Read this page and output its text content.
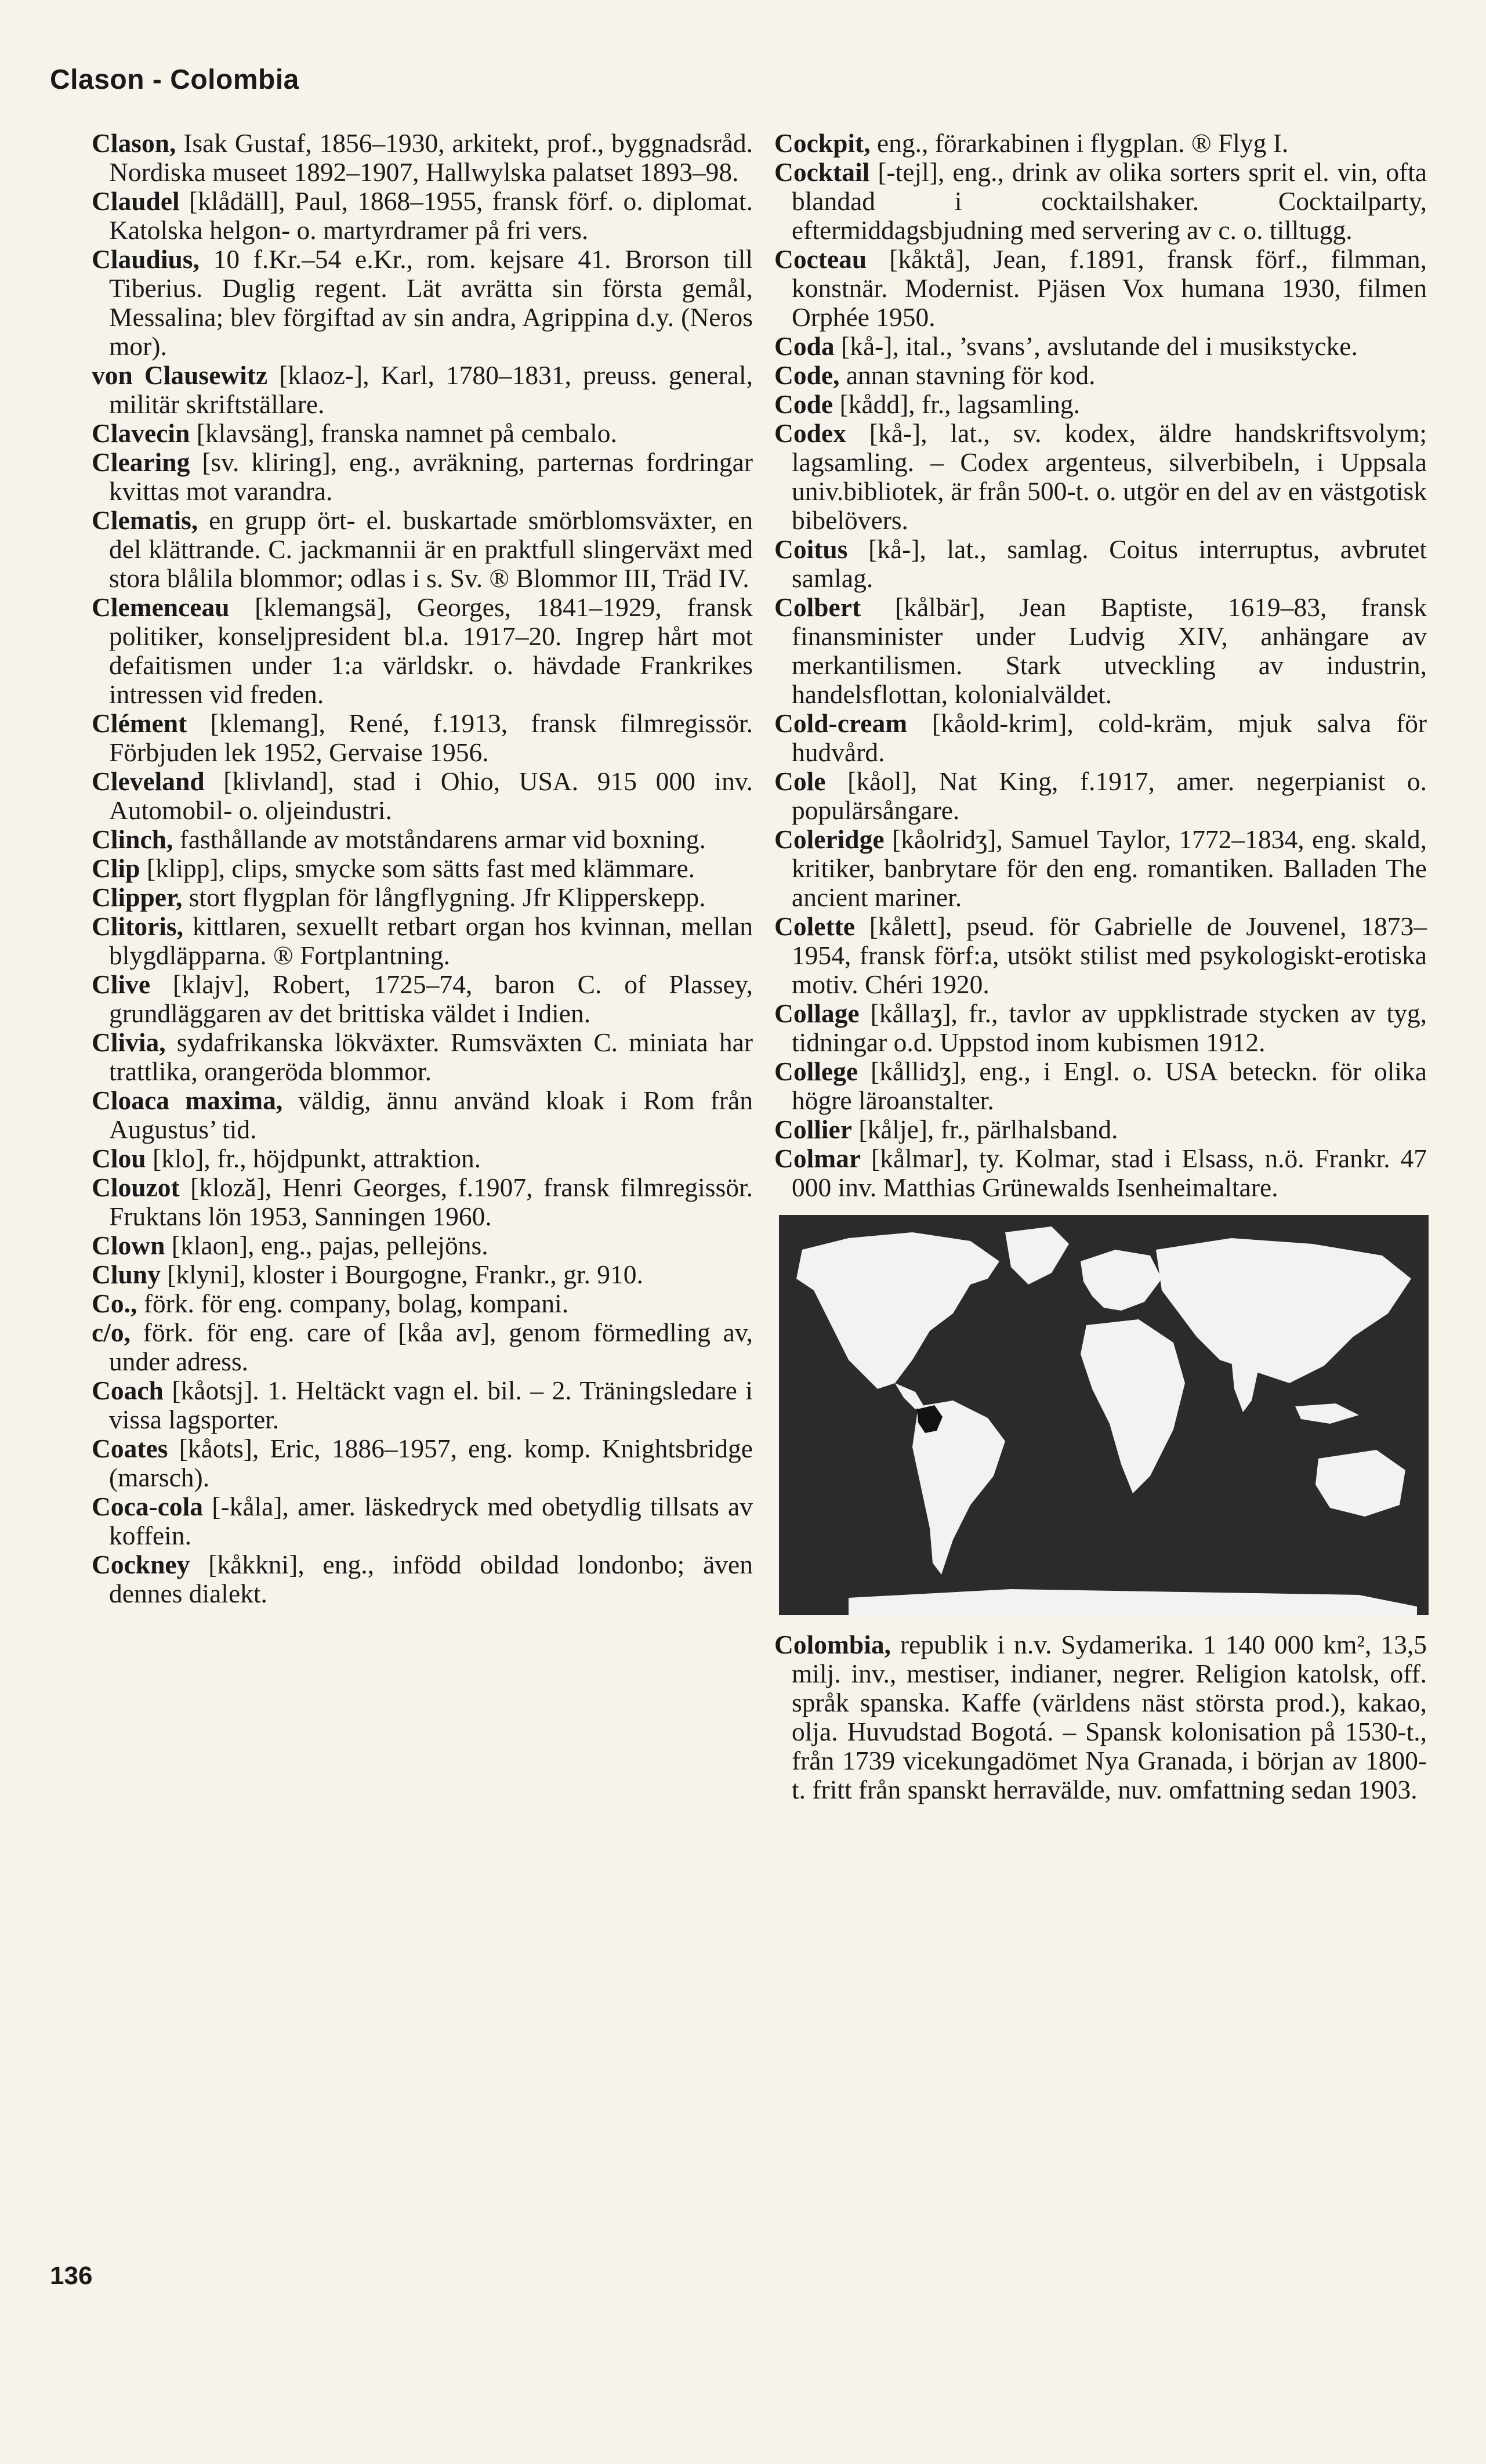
Clason - Colombia

Clason, Isak Gustaf, 1856–1930, arkitekt, prof., byggnadsråd. Nordiska museet 1892–1907, Hallwylska palatset 1893–98.

Claudel [klådäll], Paul, 1868–1955, fransk förf. o. diplomat. Katolska helgon- o. martyrdramer på fri vers.

Claudius, 10 f.Kr.–54 e.Kr., rom. kejsare 41. Brorson till Tiberius. Duglig regent. Lät avrätta sin första gemål, Messalina; blev förgiftad av sin andra, Agrippina d.y. (Neros mor).

von Clausewitz [klaoz-], Karl, 1780–1831, preuss. general, militär skriftställare.

Clavecin [klavsäng], franska namnet på cembalo.

Clearing [sv. kliring], eng., avräkning, parternas fordringar kvittas mot varandra.

Clematis, en grupp ört- el. buskartade smörblomsväxter, en del klättrande. C. jackmannii är en praktfull slingerväxt med stora blålila blommor; odlas i s. Sv. ® Blommor III, Träd IV.

Clemenceau [klemangsä], Georges, 1841–1929, fransk politiker, konseljpresident bl.a. 1917–20. Ingrep hårt mot defaitismen under 1:a världskr. o. hävdade Frankrikes intressen vid freden.

Clément [klemang], René, f.1913, fransk filmregissör. Förbjuden lek 1952, Gervaise 1956.

Cleveland [klivland], stad i Ohio, USA. 915 000 inv. Automobil- o. oljeindustri.

Clinch, fasthållande av motståndarens armar vid boxning.

Clip [klipp], clips, smycke som sätts fast med klämmare.

Clipper, stort flygplan för långflygning. Jfr Klipperskepp.

Clitoris, kittlaren, sexuellt retbart organ hos kvinnan, mellan blygdläpparna. ® Fortplantning.

Clive [klajv], Robert, 1725–74, baron C. of Plassey, grundläggaren av det brittiska väldet i Indien.

Clivia, sydafrikanska lökväxter. Rumsväxten C. miniata har trattlika, orangeröda blommor.

Cloaca maxima, väldig, ännu använd kloak i Rom från Augustus’ tid.

Clou [klo], fr., höjdpunkt, attraktion.

Clouzot [kloză], Henri Georges, f.1907, fransk filmregissör. Fruktans lön 1953, Sanningen 1960.

Clown [klaon], eng., pajas, pellejöns.

Cluny [klyni], kloster i Bourgogne, Frankr., gr. 910.

Co., förk. för eng. company, bolag, kompani.

c/o, förk. för eng. care of [kåa av], genom förmedling av, under adress.

Coach [kåotsj]. 1. Heltäckt vagn el. bil. – 2. Träningsledare i vissa lagsporter.

Coates [kåots], Eric, 1886–1957, eng. komp. Knightsbridge (marsch).

Coca-cola [-kåla], amer. läskedryck med obetydlig tillsats av koffein.

Cockney [kåkkni], eng., infödd obildad londonbo; även dennes dialekt.

Cockpit, eng., förarkabinen i flygplan. ® Flyg I.

Cocktail [-tejl], eng., drink av olika sorters sprit el. vin, ofta blandad i cocktailshaker. Cocktailparty, eftermiddagsbjudning med servering av c. o. tilltugg.

Cocteau [kåktå], Jean, f.1891, fransk förf., filmman, konstnär. Modernist. Pjäsen Vox humana 1930, filmen Orphée 1950.

Coda [kå-], ital., ’svans’, avslutande del i musikstycke.

Code, annan stavning för kod.

Code [kådd], fr., lagsamling.

Codex [kå-], lat., sv. kodex, äldre handskriftsvolym; lagsamling. – Codex argenteus, silverbibeln, i Uppsala univ.bibliotek, är från 500-t. o. utgör en del av en västgotisk bibelövers.

Coitus [kå-], lat., samlag. Coitus interruptus, avbrutet samlag.

Colbert [kålbär], Jean Baptiste, 1619–83, fransk finansminister under Ludvig XIV, anhängare av merkantilismen. Stark utveckling av industrin, handelsflottan, kolonialväldet.

Cold-cream [kåold-krim], cold-kräm, mjuk salva för hudvård.

Cole [kåol], Nat King, f.1917, amer. negerpianist o. populärsångare.

Coleridge [kåolridʒ], Samuel Taylor, 1772–1834, eng. skald, kritiker, banbrytare för den eng. romantiken. Balladen The ancient mariner.

Colette [kålett], pseud. för Gabrielle de Jouvenel, 1873–1954, fransk förf:a, utsökt stilist med psykologiskt-erotiska motiv. Chéri 1920.

Collage [kållaʒ], fr., tavlor av uppklistrade stycken av tyg, tidningar o.d. Uppstod inom kubismen 1912.

College [kållidʒ], eng., i Engl. o. USA beteckn. för olika högre läroanstalter.

Collier [kålje], fr., pärlhalsband.

Colmar [kålmar], ty. Kolmar, stad i Elsass, n.ö. Frankr. 47 000 inv. Matthias Grünewalds Isenheimaltare.

Colombia, republik i n.v. Sydamerika. 1 140 000 km², 13,5 milj. inv., mestiser, indianer, negrer. Religion katolsk, off. språk spanska. Kaffe (världens näst största prod.), kakao, olja. Huvudstad Bogotá. – Spansk kolonisation på 1530-t., från 1739 vicekungadömet Nya Granada, i början av 1800-t. fritt från spanskt herravälde, nuv. omfattning sedan 1903.

136
